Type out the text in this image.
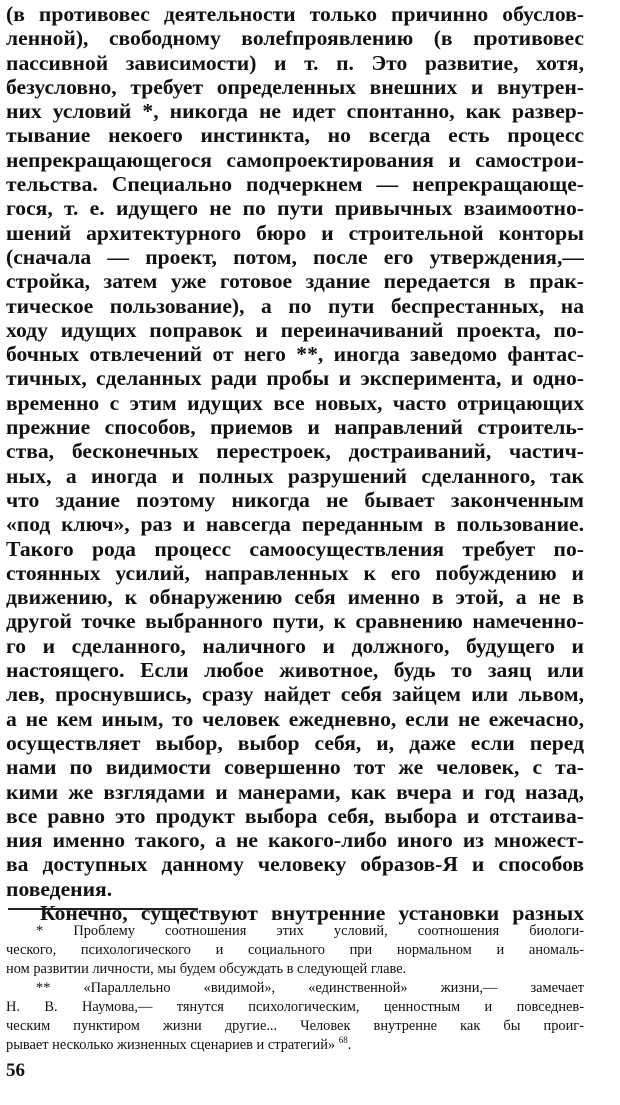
(в противовес деятельности только причинно обуслов-
ленной), свободному волеfпроявлению (в противовес
пассивной зависимости) и т. п. Это развитие, хотя,
безусловно, требует определенных внешних и внутрен-
них условий *, никогда не идет спонтанно, как развер-
тывание некоего инстинкта, но всегда есть процесс
непрекращающегося самопроектирования и самострои-
тельства. Специально подчеркнем — непрекращающе-
гося, т. е. идущего не по пути привычных взаимоотно-
шений архитектурного бюро и строительной конторы
(сначала — проект, потом, после его утверждения,—
стройка, затем уже готовое здание передается в прак-
тическое пользование), а по пути беспрестанных, на
ходу идущих поправок и переиначиваний проекта, по-
бочных отвлечений от него **, иногда заведомо фантас-
тичных, сделанных ради пробы и эксперимента, и одно-
временно с этим идущих все новых, часто отрицающих
прежние способов, приемов и направлений строитель-
ства, бесконечных перестроек, достраиваний, частич-
ных, а иногда и полных разрушений сделанного, так
что здание поэтому никогда не бывает законченным
«под ключ», раз и навсегда переданным в пользование.
Такого рода процесс самоосуществления требует по-
стоянных усилий, направленных к его побуждению и
движению, к обнаружению себя именно в этой, а не в
другой точке выбранного пути, к сравнению намеченно-
го и сделанного, наличного и должного, будущего и
настоящего. Если любое животное, будь то заяц или
лев, проснувшись, сразу найдет себя зайцем или львом,
а не кем иным, то человек ежедневно, если не ежечасно,
осуществляет выбор, выбор себя, и, даже если перед
нами по видимости совершенно тот же человек, с та-
кими же взглядами и манерами, как вчера и год назад,
все равно это продукт выбора себя, выбора и отстаива-
ния именно такого, а не какого-либо иного из множест-
ва доступных данному человеку образов-Я и способов
поведения.
Конечно, существуют внутренние установки разных
* Проблему соотношения этих условий, соотношения биологи-
ческого, психологического и социального при нормальном и аномаль-
ном развитии личности, мы будем обсуждать в следующей главе.
** «Параллельно «видимой», «единственной» жизни,— замечает
Н. В. Наумова,— тянутся психологическим, ценностным и повседнев-
ческим пунктиром жизни другие... Человек внутренне как бы проиг-
рывает несколько жизненных сценариев и стратегий» $^{68}$.
56
